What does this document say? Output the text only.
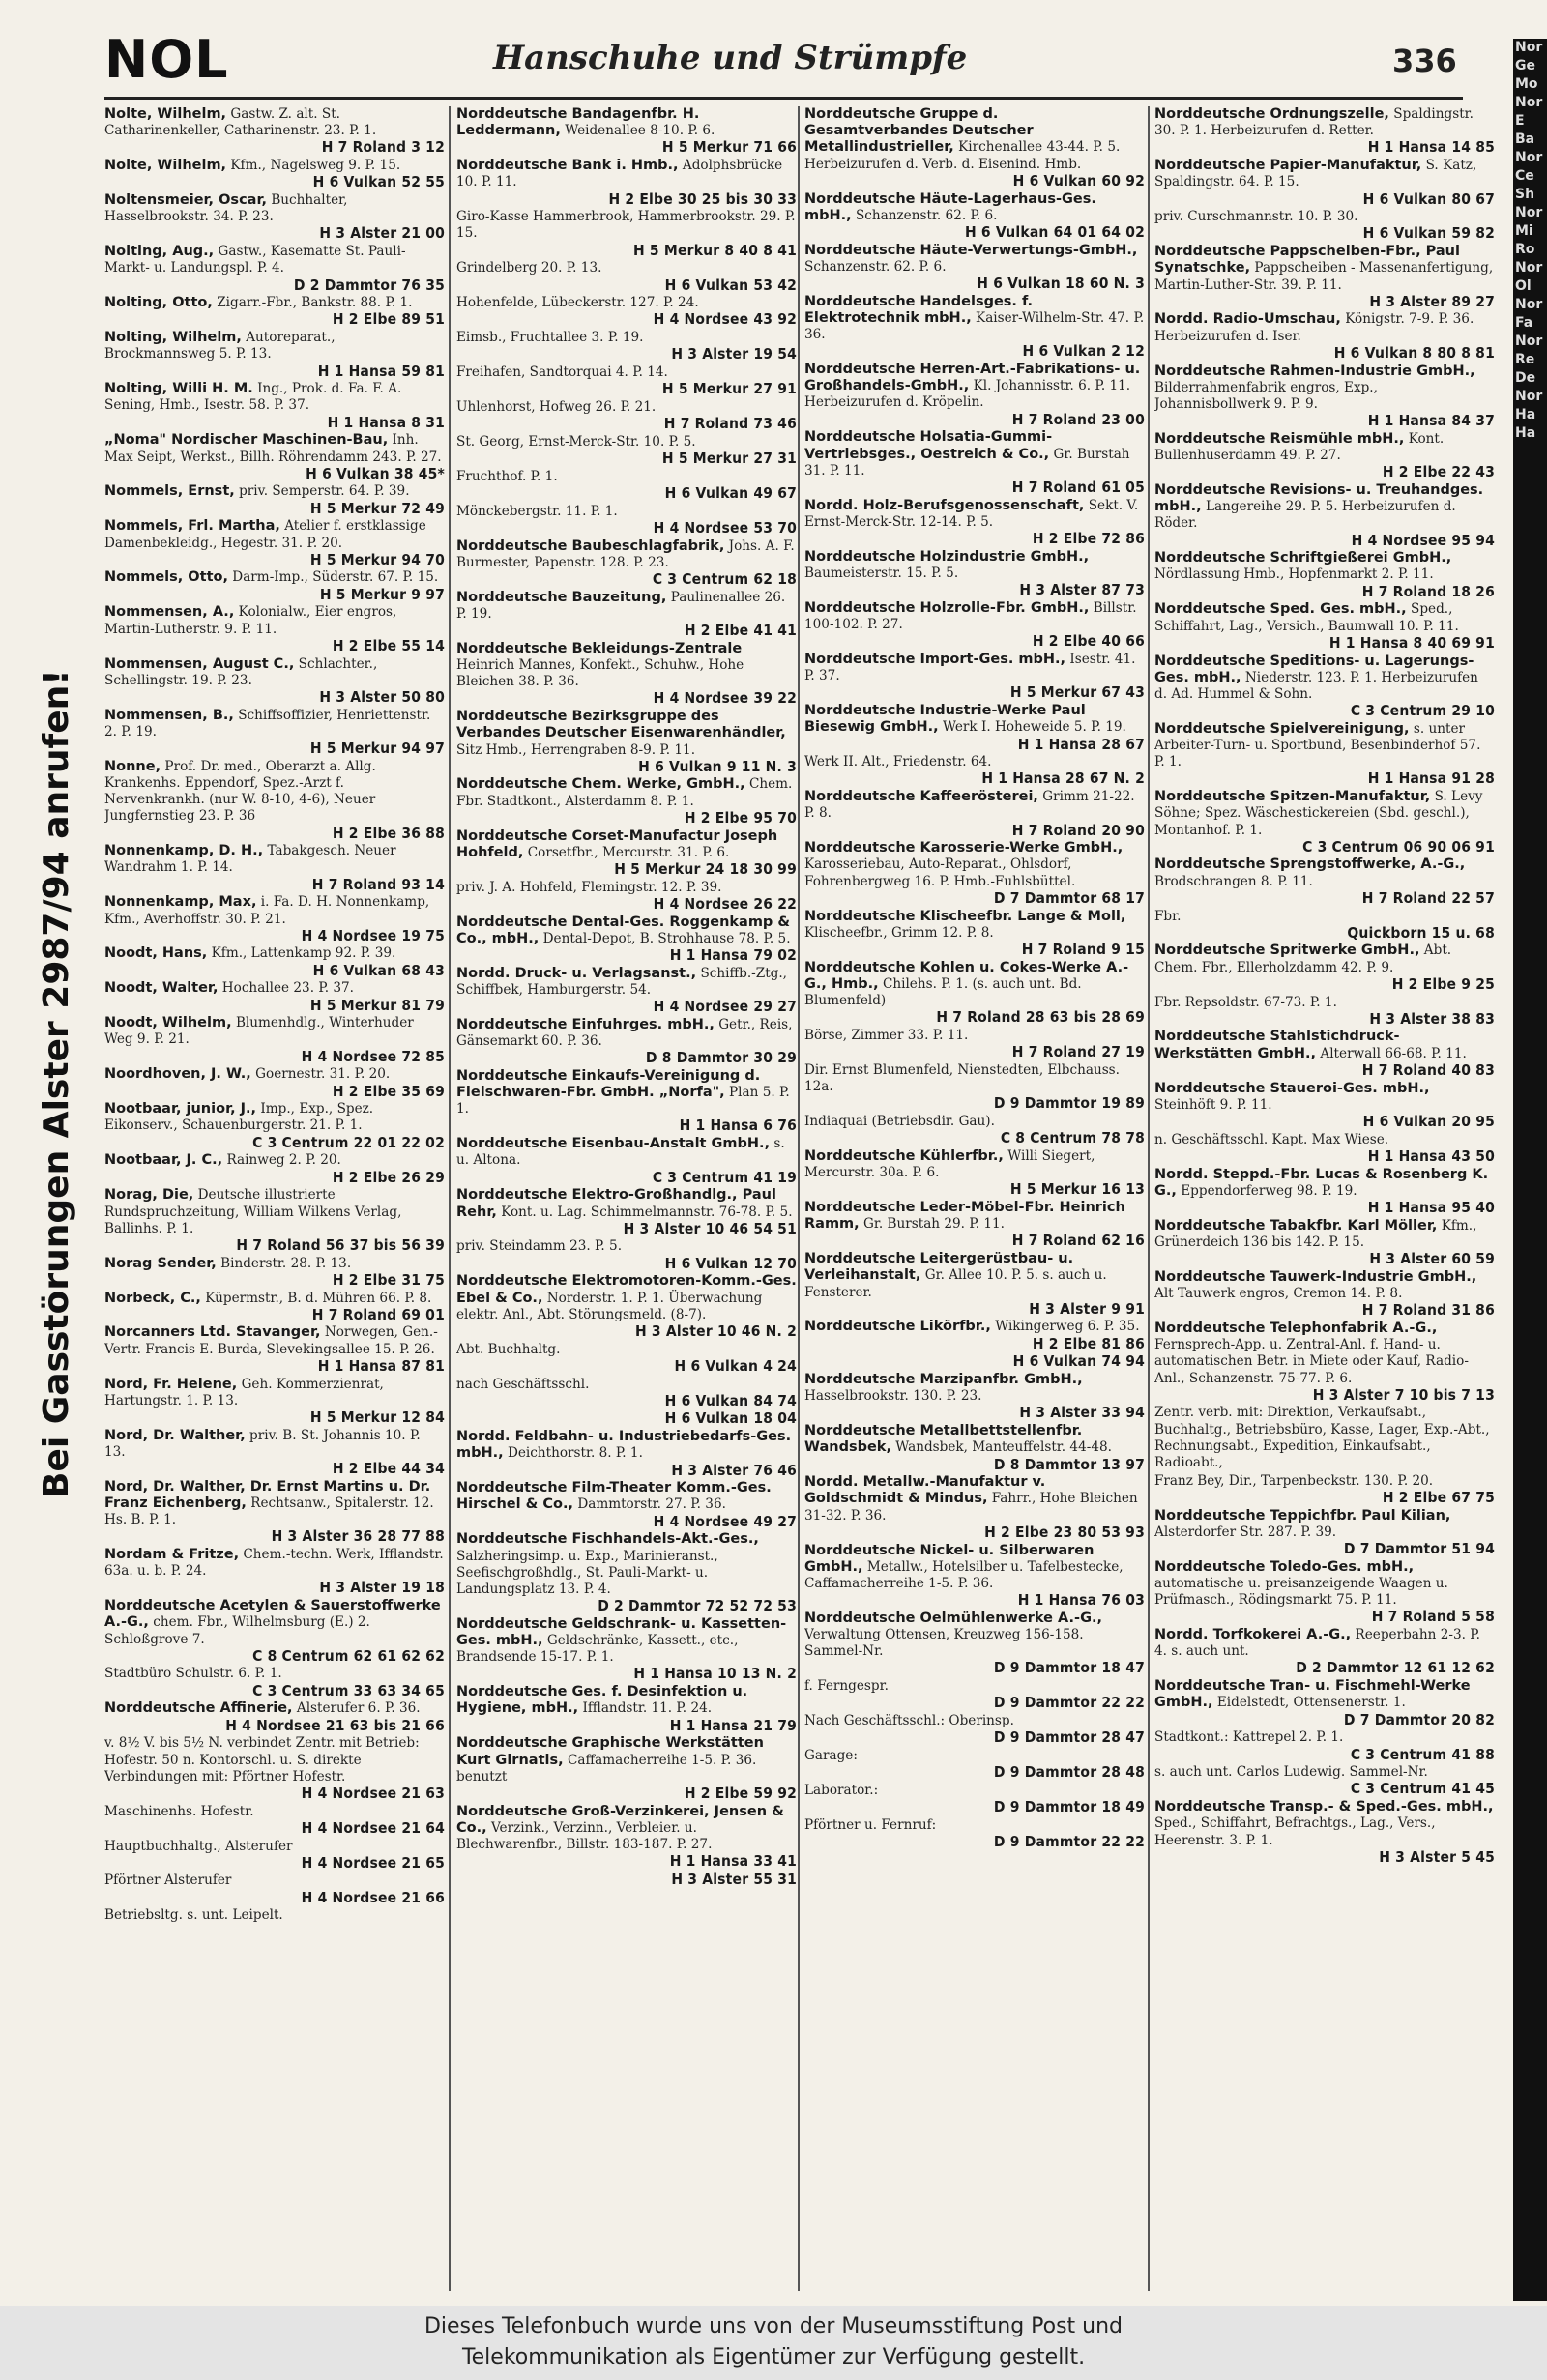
NOL	Hanschuhe und Strümpfe	336
Bei Gasstörungen Alster 2987/94 anrufen!
Nolte, Wilhelm, Gastw. Z. alt. St. Catharinenkeller, Catharinenstr. 23. P. 1.
H 7 Roland 3 12
Nolte, Wilhelm, Kfm., Nagelsweg 9. P. 15.
H 6 Vulkan 52 55
Noltensmeier, Oscar, Buchhalter, Hasselbrookstr. 34. P. 23.
H 3 Alster 21 00
Nolting, Aug., Gastw., Kasematte St. Pauli-Markt- u. Landungspl. P. 4.
D 2 Dammtor 76 35
Nolting, Otto, Zigarr.-Fbr., Bankstr. 88. P. 1.
H 2 Elbe 89 51
Nolting, Wilhelm, Autoreparat., Brockmannsweg 5. P. 13.
H 1 Hansa 59 81
Nolting, Willi H. M. Ing., Prok. d. Fa. F. A. Sening, Hmb., Isestr. 58. P. 37.
H 1 Hansa 8 31
„Noma" Nordischer Maschinen-Bau, Inh. Max Seipt, Werkst., Billh. Röhrendamm 243. P. 27.
H 6 Vulkan 38 45*
Nommels, Ernst, priv. Semperstr. 64. P. 39.
H 5 Merkur 72 49
Nommels, Frl. Martha, Atelier f. erstklassige Damenbekleidg., Hegestr. 31. P. 20.
H 5 Merkur 94 70
Nommels, Otto, Darm-Imp., Süderstr. 67. P. 15.
H 5 Merkur 9 97
Nommensen, A., Kolonialw., Eier engros, Martin-Lutherstr. 9. P. 11.
H 2 Elbe 55 14
Nommensen, August C., Schlachter., Schellingstr. 19. P. 23.
H 3 Alster 50 80
Nommensen, B., Schiffsoffizier, Henriettenstr. 2. P. 19.
H 5 Merkur 94 97
Nonne, Prof. Dr. med., Oberarzt a. Allg. Krankenhs. Eppendorf, Spez.-Arzt f. Nervenkrankh. (nur W. 8-10, 4-6), Neuer Jungfernstieg 23. P. 36
H 2 Elbe 36 88
Nonnenkamp, D. H., Tabakgesch. Neuer Wandrahm 1. P. 14.
H 7 Roland 93 14
Nonnenkamp, Max, i. Fa. D. H. Nonnenkamp, Kfm., Averhoffstr. 30. P. 21.
H 4 Nordsee 19 75
Noodt, Hans, Kfm., Lattenkamp 92. P. 39.
H 6 Vulkan 68 43
Noodt, Walter, Hochallee 23. P. 37.
H 5 Merkur 81 79
Noodt, Wilhelm, Blumenhdlg., Winterhuder Weg 9. P. 21.
H 4 Nordsee 72 85
Noordhoven, J. W., Goernestr. 31. P. 20.
H 2 Elbe 35 69
Nootbaar, junior, J., Imp., Exp., Spez. Eikonserv., Schauenburgerstr. 21. P. 1.
C 3 Centrum 22 01 22 02
Nootbaar, J. C., Rainweg 2. P. 20.
H 2 Elbe 26 29
Norag, Die, Deutsche illustrierte Rundspruchzeitung, William Wilkens Verlag, Ballinhs. P. 1.
H 7 Roland 56 37 bis 56 39
Norag Sender, Binderstr. 28. P. 13.
H 2 Elbe 31 75
Norbeck, C., Küpermstr., B. d. Mühren 66. P. 8.
H 7 Roland 69 01
Norcanners Ltd. Stavanger, Norwegen, Gen.-Vertr. Francis E. Burda, Slevekingsallee 15. P. 26.
H 1 Hansa 87 81
Nord, Fr. Helene, Geh. Kommerzienrat, Hartungstr. 1. P. 13.
H 5 Merkur 12 84
Nord, Dr. Walther, priv. B. St. Johannis 10. P. 13.
H 2 Elbe 44 34
Nord, Dr. Walther, Dr. Ernst Martins u. Dr. Franz Eichenberg, Rechtsanw., Spitalerstr. 12. Hs. B. P. 1.
H 3 Alster 36 28 77 88
Nordam & Fritze, Chem.-techn. Werk, Ifflandstr. 63a. u. b. P. 24.
H 3 Alster 19 18
Norddeutsche Acetylen & Sauerstoffwerke A.-G., chem. Fbr., Wilhelmsburg (E.) 2. Schloßgrove 7.
C 8 Centrum 62 61 62 62
Stadtbüro Schulstr. 6. P. 1.
C 3 Centrum 33 63 34 65
Norddeutsche Affinerie, Alsterufer 6. P. 36.
H 4 Nordsee 21 63 bis 21 66
v. 8½ V. bis 5½ N. verbindet Zentr. mit Betrieb: Hofestr. 50 n. Kontorschl. u. S. direkte Verbindungen mit: Pförtner Hofestr.
H 4 Nordsee 21 63
Maschinenhs. Hofestr.
H 4 Nordsee 21 64
Hauptbuchhaltg., Alsterufer
H 4 Nordsee 21 65
Pförtner Alsterufer
H 4 Nordsee 21 66
Betriebsltg. s. unt. Leipelt.
Norddeutsche Bandagenfbr. H. Leddermann, Weidenallee 8-10. P. 6.
H 5 Merkur 71 66
Norddeutsche Bank i. Hmb., Adolphsbrücke 10. P. 11.
H 2 Elbe 30 25 bis 30 33
Giro-Kasse Hammerbrook, Hammerbrookstr. 29. P. 15.
H 5 Merkur 8 40 8 41
Grindelberg 20. P. 13.
H 6 Vulkan 53 42
Hohenfelde, Lübeckerstr. 127. P. 24.
H 4 Nordsee 43 92
Eimsb., Fruchtallee 3. P. 19.
H 3 Alster 19 54
Freihafen, Sandtorquai 4. P. 14.
H 5 Merkur 27 91
Uhlenhorst, Hofweg 26. P. 21.
H 7 Roland 73 46
St. Georg, Ernst-Merck-Str. 10. P. 5.
H 5 Merkur 27 31
Fruchthof. P. 1.
H 6 Vulkan 49 67
Mönckebergstr. 11. P. 1.
H 4 Nordsee 53 70
Norddeutsche Baubeschlagfabrik, Johs. A. F. Burmester, Papenstr. 128. P. 23.
C 3 Centrum 62 18
Norddeutsche Bauzeitung, Paulinenallee 26. P. 19.
H 2 Elbe 41 41
Norddeutsche Bekleidungs-Zentrale Heinrich Mannes, Konfekt., Schuhw., Hohe Bleichen 38. P. 36.
H 4 Nordsee 39 22
Norddeutsche Bezirksgruppe des Verbandes Deutscher Eisenwarenhändler, Sitz Hmb., Herrengraben 8-9. P. 11.
H 6 Vulkan 9 11 N. 3
Norddeutsche Chem. Werke, GmbH., Chem. Fbr. Stadtkont., Alsterdamm 8. P. 1.
H 2 Elbe 95 70
Norddeutsche Corset-Manufactur Joseph Hohfeld, Corsetfbr., Mercurstr. 31. P. 6.
H 5 Merkur 24 18 30 99
priv. J. A. Hohfeld, Flemingstr. 12. P. 39.
H 4 Nordsee 26 22
Norddeutsche Dental-Ges. Roggenkamp & Co., mbH., Dental-Depot, B. Strohhause 78. P. 5.
H 1 Hansa 79 02
Nordd. Druck- u. Verlagsanst., Schiffb.-Ztg., Schiffbek, Hamburgerstr. 54.
H 4 Nordsee 29 27
Norddeutsche Einfuhrges. mbH., Getr., Reis, Gänsemarkt 60. P. 36.
D 8 Dammtor 30 29
Norddeutsche Einkaufs-Vereinigung d. Fleischwaren-Fbr. GmbH. „Norfa", Plan 5. P. 1.
H 1 Hansa 6 76
Norddeutsche Eisenbau-Anstalt GmbH., s. u. Altona.
C 3 Centrum 41 19
Norddeutsche Elektro-Großhandlg., Paul Rehr, Kont. u. Lag. Schimmelmannstr. 76-78. P. 5.
H 3 Alster 10 46 54 51
priv. Steindamm 23. P. 5.
H 6 Vulkan 12 70
Norddeutsche Elektromotoren-Komm.-Ges. Ebel & Co., Norderstr. 1. P. 1. Überwachung elektr. Anl., Abt. Störungsmeld. (8-7).
H 3 Alster 10 46 N. 2
Abt. Buchhaltg.
H 6 Vulkan 4 24
nach Geschäftsschl.
H 6 Vulkan 84 74
H 6 Vulkan 18 04
Nordd. Feldbahn- u. Industriebedarfs-Ges. mbH., Deichthorstr. 8. P. 1.
H 3 Alster 76 46
Norddeutsche Film-Theater Komm.-Ges. Hirschel & Co., Dammtorstr. 27. P. 36.
H 4 Nordsee 49 27
Norddeutsche Fischhandels-Akt.-Ges., Salzheringsimp. u. Exp., Marinieranst., Seefischgroßhdlg., St. Pauli-Markt- u. Landungsplatz 13. P. 4.
D 2 Dammtor 72 52 72 53
Norddeutsche Geldschrank- u. Kassetten-Ges. mbH., Geldschränke, Kassett., etc., Brandsende 15-17. P. 1.
H 1 Hansa 10 13 N. 2
Norddeutsche Ges. f. Desinfektion u. Hygiene, mbH., Ifflandstr. 11. P. 24.
H 1 Hansa 21 79
Norddeutsche Graphische Werkstätten Kurt Girnatis, Caffamacherreihe 1-5. P. 36. benutzt
H 2 Elbe 59 92
Norddeutsche Groß-Verzinkerei, Jensen & Co., Verzink., Verzinn., Verbleier. u. Blechwarenfbr., Billstr. 183-187. P. 27.
H 1 Hansa 33 41
H 3 Alster 55 31
Norddeutsche Gruppe d. Gesamtverbandes Deutscher Metallindustrieller, Kirchenallee 43-44. P. 5. Herbeizurufen d. Verb. d. Eisenind. Hmb.
H 6 Vulkan 60 92
Norddeutsche Häute-Lagerhaus-Ges. mbH., Schanzenstr. 62. P. 6.
H 6 Vulkan 64 01 64 02
Norddeutsche Häute-Verwertungs-GmbH., Schanzenstr. 62. P. 6.
H 6 Vulkan 18 60 N. 3
Norddeutsche Handelsges. f. Elektrotechnik mbH., Kaiser-Wilhelm-Str. 47. P. 36.
H 6 Vulkan 2 12
Norddeutsche Herren-Art.-Fabrikations- u. Großhandels-GmbH., Kl. Johannisstr. 6. P. 11. Herbeizurufen d. Kröpelin.
H 7 Roland 23 00
Norddeutsche Holsatia-Gummi-Vertriebsges., Oestreich & Co., Gr. Burstah 31. P. 11.
H 7 Roland 61 05
Nordd. Holz-Berufsgenossenschaft, Sekt. V. Ernst-Merck-Str. 12-14. P. 5.
H 2 Elbe 72 86
Norddeutsche Holzindustrie GmbH., Baumeisterstr. 15. P. 5.
H 3 Alster 87 73
Norddeutsche Holzrolle-Fbr. GmbH., Billstr. 100-102. P. 27.
H 2 Elbe 40 66
Norddeutsche Import-Ges. mbH., Isestr. 41. P. 37.
H 5 Merkur 67 43
Norddeutsche Industrie-Werke Paul Biesewig GmbH., Werk I. Hoheweide 5. P. 19.
H 1 Hansa 28 67
Werk II. Alt., Friedenstr. 64.
H 1 Hansa 28 67 N. 2
Norddeutsche Kaffeerösterei, Grimm 21-22. P. 8.
H 7 Roland 20 90
Norddeutsche Karosserie-Werke GmbH., Karosseriebau, Auto-Reparat., Ohlsdorf, Fohrenbergweg 16. P. Hmb.-Fuhlsbüttel.
D 7 Dammtor 68 17
Norddeutsche Klischeefbr. Lange & Moll, Klischeefbr., Grimm 12. P. 8.
H 7 Roland 9 15
Norddeutsche Kohlen u. Cokes-Werke A.-G., Hmb., Chilehs. P. 1. (s. auch unt. Bd. Blumenfeld)
H 7 Roland 28 63 bis 28 69
Börse, Zimmer 33. P. 11.
H 7 Roland 27 19
Dir. Ernst Blumenfeld, Nienstedten, Elbchauss. 12a.
D 9 Dammtor 19 89
Indiaquai (Betriebsdir. Gau).
C 8 Centrum 78 78
Norddeutsche Kühlerfbr., Willi Siegert, Mercurstr. 30a. P. 6.
H 5 Merkur 16 13
Norddeutsche Leder-Möbel-Fbr. Heinrich Ramm, Gr. Burstah 29. P. 11.
H 7 Roland 62 16
Norddeutsche Leitergerüstbau- u. Verleihanstalt, Gr. Allee 10. P. 5. s. auch u. Fensterer.
H 3 Alster 9 91
Norddeutsche Likörfbr., Wikingerweg 6. P. 35.
H 2 Elbe 81 86
H 6 Vulkan 74 94
Norddeutsche Marzipanfbr. GmbH., Hasselbrookstr. 130. P. 23.
H 3 Alster 33 94
Norddeutsche Metallbettstellenfbr. Wandsbek, Wandsbek, Manteuffelstr. 44-48.
D 8 Dammtor 13 97
Nordd. Metallw.-Manufaktur v. Goldschmidt & Mindus, Fahrr., Hohe Bleichen 31-32. P. 36.
H 2 Elbe 23 80 53 93
Norddeutsche Nickel- u. Silberwaren GmbH., Metallw., Hotelsilber u. Tafelbestecke, Caffamacherreihe 1-5. P. 36.
H 1 Hansa 76 03
Norddeutsche Oelmühlenwerke A.-G., Verwaltung Ottensen, Kreuzweg 156-158. Sammel-Nr.
D 9 Dammtor 18 47
f. Ferngespr.
D 9 Dammtor 22 22
Nach Geschäftsschl.: Oberinsp.
D 9 Dammtor 28 47
Garage:
D 9 Dammtor 28 48
Laborator.:
D 9 Dammtor 18 49
Pförtner u. Fernruf:
D 9 Dammtor 22 22
Norddeutsche Ordnungszelle, Spaldingstr. 30. P. 1. Herbeizurufen d. Retter.
H 1 Hansa 14 85
Norddeutsche Papier-Manufaktur, S. Katz, Spaldingstr. 64. P. 15.
H 6 Vulkan 80 67
priv. Curschmannstr. 10. P. 30.
H 6 Vulkan 59 82
Norddeutsche Pappscheiben-Fbr., Paul Synatschke, Pappscheiben - Massenanfertigung, Martin-Luther-Str. 39. P. 11.
H 3 Alster 89 27
Nordd. Radio-Umschau, Königstr. 7-9. P. 36. Herbeizurufen d. Iser.
H 6 Vulkan 8 80 8 81
Norddeutsche Rahmen-Industrie GmbH., Bilderrahmenfabrik engros, Exp., Johannisbollwerk 9. P. 9.
H 1 Hansa 84 37
Norddeutsche Reismühle mbH., Kont. Bullenhuserdamm 49. P. 27.
H 2 Elbe 22 43
Norddeutsche Revisions- u. Treuhandges. mbH., Langereihe 29. P. 5. Herbeizurufen d. Röder.
H 4 Nordsee 95 94
Norddeutsche Schriftgießerei GmbH., Nördlassung Hmb., Hopfenmarkt 2. P. 11.
H 7 Roland 18 26
Norddeutsche Sped. Ges. mbH., Sped., Schiffahrt, Lag., Versich., Baumwall 10. P. 11.
H 1 Hansa 8 40 69 91
Norddeutsche Speditions- u. Lagerungs-Ges. mbH., Niederstr. 123. P. 1. Herbeizurufen d. Ad. Hummel & Sohn.
C 3 Centrum 29 10
Norddeutsche Spielvereinigung, s. unter Arbeiter-Turn- u. Sportbund, Besenbinderhof 57. P. 1.
H 1 Hansa 91 28
Norddeutsche Spitzen-Manufaktur, S. Levy Söhne; Spez. Wäschestickereien (Sbd. geschl.), Montanhof. P. 1.
C 3 Centrum 06 90 06 91
Norddeutsche Sprengstoffwerke, A.-G., Brodschrangen 8. P. 11.
H 7 Roland 22 57
Fbr.
Quickborn 15 u. 68
Norddeutsche Spritwerke GmbH., Abt. Chem. Fbr., Ellerholzdamm 42. P. 9.
H 2 Elbe 9 25
Fbr. Repsoldstr. 67-73. P. 1.
H 3 Alster 38 83
Norddeutsche Stahlstichdruck-Werkstätten GmbH., Alterwall 66-68. P. 11.
H 7 Roland 40 83
Norddeutsche Staueroi-Ges. mbH., Steinhöft 9. P. 11.
H 6 Vulkan 20 95
n. Geschäftsschl. Kapt. Max Wiese.
H 1 Hansa 43 50
Nordd. Steppd.-Fbr. Lucas & Rosenberg K. G., Eppendorferweg 98. P. 19.
H 1 Hansa 95 40
Norddeutsche Tabakfbr. Karl Möller, Kfm., Grünerdeich 136 bis 142. P. 15.
H 3 Alster 60 59
Norddeutsche Tauwerk-Industrie GmbH., Alt Tauwerk engros, Cremon 14. P. 8.
H 7 Roland 31 86
Norddeutsche Telephonfabrik A.-G., Fernsprech-App. u. Zentral-Anl. f. Hand- u. automatischen Betr. in Miete oder Kauf, Radio-Anl., Schanzenstr. 75-77. P. 6.
H 3 Alster 7 10 bis 7 13
Zentr. verb. mit: Direktion, Verkaufsabt., Buchhaltg., Betriebsbüro, Kasse, Lager, Exp.-Abt., Rechnungsabt., Expedition, Einkaufsabt., Radioabt.,
Franz Bey, Dir., Tarpenbeckstr. 130. P. 20.
H 2 Elbe 67 75
Norddeutsche Teppichfbr. Paul Kilian, Alsterdorfer Str. 287. P. 39.
D 7 Dammtor 51 94
Norddeutsche Toledo-Ges. mbH., automatische u. preisanzeigende Waagen u. Prüfmasch., Rödingsmarkt 75. P. 11.
H 7 Roland 5 58
Nordd. Torfkokerei A.-G., Reeperbahn 2-3. P. 4. s. auch unt.
D 2 Dammtor 12 61 12 62
Norddeutsche Tran- u. Fischmehl-Werke GmbH., Eidelstedt, Ottensenerstr. 1.
D 7 Dammtor 20 82
Stadtkont.: Kattrepel 2. P. 1.
C 3 Centrum 41 88
s. auch unt. Carlos Ludewig. Sammel-Nr.
C 3 Centrum 41 45
Norddeutsche Transp.- & Sped.-Ges. mbH., Sped., Schiffahrt, Befrachtgs., Lag., Vers., Heerenstr. 3. P. 1.
H 3 Alster 5 45
Nor
Ge
Mo
Nor
E
Ba
Nor
Ce
Sh
Nor
Mi
Ro
Nor
Ol
Nor
Fa
Nor
Re
De
Nor
Ha
Ha
Dieses Telefonbuch wurde uns von der Museumsstiftung Post und
Telekommunikation als Eigentümer zur Verfügung gestellt.
